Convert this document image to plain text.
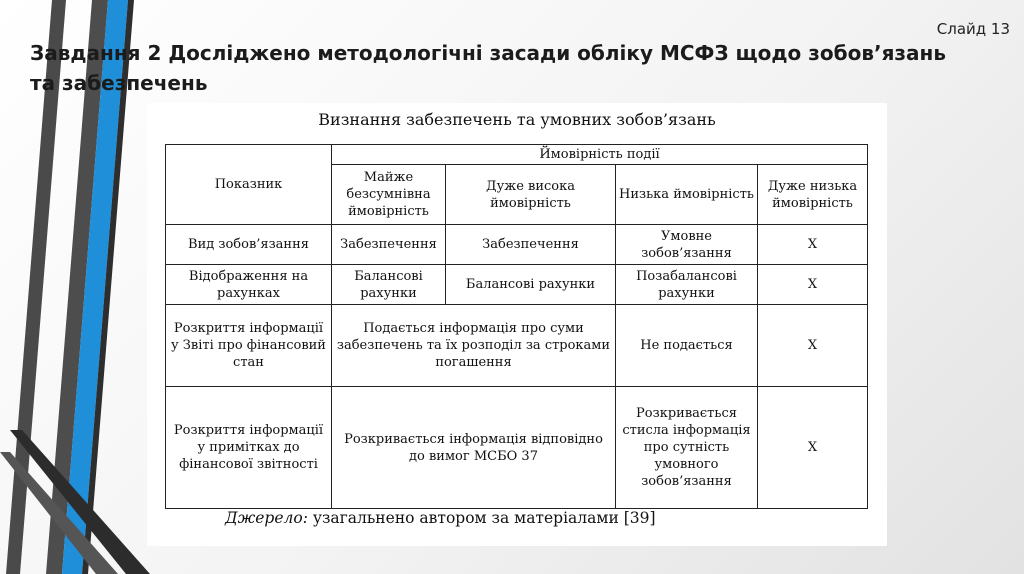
Слайд 13
Завдання 2 Досліджено методологічні засади обліку МСФЗ щодо зобов’язань та забезпечень
Визнання забезпечень та умовних зобов’язань
Показник	Ймовірність події			
	Майже безсумнівна ймовірність	Дуже висока ймовірність	Низька ймовірність	Дуже низька ймовірність
Вид зобов’язання	Забезпечення	Забезпечення	Умовне зобов’язання	X
Відображення на рахунках	Балансові рахунки	Балансові рахунки	Позабалансові рахунки	X
Розкриття інформації у Звіті про фінансовий стан	Подається інформація про суми забезпечень та їх розподіл за строками погашення		Не подається	X
Розкриття інформації у примітках до фінансової звітності	Розкривається інформація відповідно до вимог МСБО 37		Розкривається стисла інформація про сутність умовного зобов’язання	X
Джерело: узагальнено автором за матеріалами [39]
